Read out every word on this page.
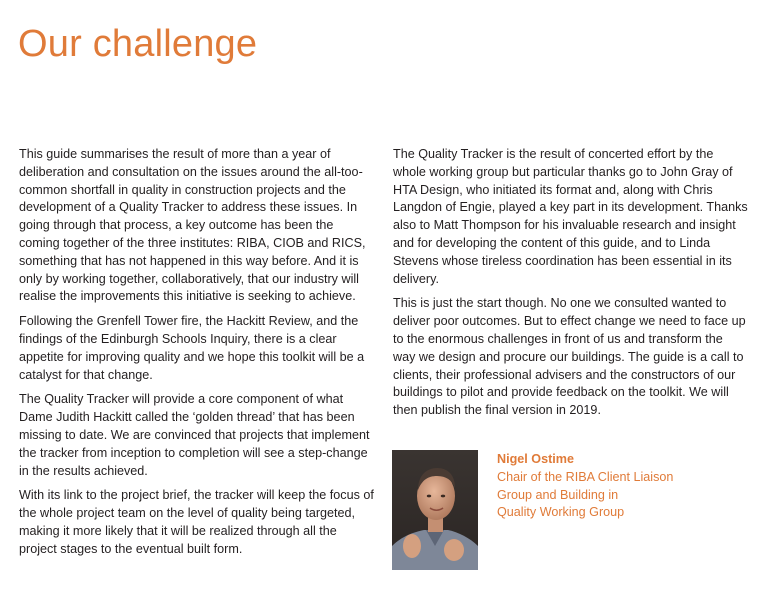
Our challenge

This guide summarises the result of more than a year of deliberation and consultation on the issues around the all-too-common shortfall in quality in construction projects and the development of a Quality Tracker to address these issues. In going through that process, a key outcome has been the coming together of the three institutes: RIBA, CIOB and RICS, something that has not happened in this way before. And it is only by working together, collaboratively, that our industry will realise the improvements this initiative is seeking to achieve.

Following the Grenfell Tower fire, the Hackitt Review, and the findings of the Edinburgh Schools Inquiry, there is a clear appetite for improving quality and we hope this toolkit will be a catalyst for that change.

The Quality Tracker will provide a core component of what Dame Judith Hackitt called the ‘golden thread’ that has been missing to date. We are convinced that projects that implement the tracker from inception to completion will see a step-change in the results achieved.

With its link to the project brief, the tracker will keep the focus of the whole project team on the level of quality being targeted, making it more likely that it will be realized through all the project stages to the eventual built form.

The Quality Tracker is the result of concerted effort by the whole working group but particular thanks go to John Gray of HTA Design, who initiated its format and, along with Chris Langdon of Engie, played a key part in its development. Thanks also to Matt Thompson for his invaluable research and insight and for developing the content of this guide, and to Linda Stevens whose tireless coordination has been essential in its delivery.

This is just the start though. No one we consulted wanted to deliver poor outcomes. But to effect change we need to face up to the enormous challenges in front of us and transform the way we design and procure our buildings. The guide is a call to clients, their professional advisers and the constructors of our buildings to pilot and provide feedback on the toolkit. We will then publish the final version in 2019.

Nigel Ostime
Chair of the RIBA Client Liaison
Group and Building in
Quality Working Group
